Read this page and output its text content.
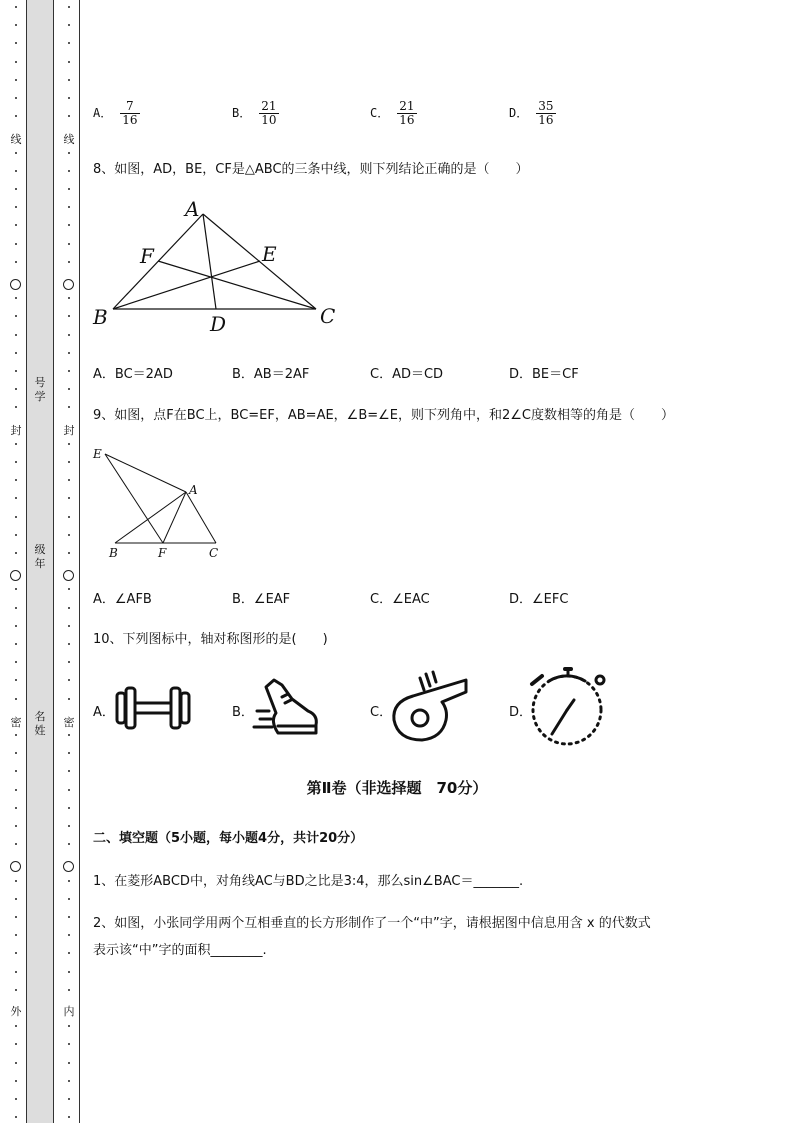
线
封
密
外
线
封
密
内
号学
级年
名姓
A． $\frac{7}{16}$	B． $\frac{21}{10}$	C． $\frac{21}{16}$	D． $\frac{35}{16}$
8、如图，AD，BE，CF是△ABC的三条中线，则下列结论正确的是（　　）
A
B	C
D
E
F
A．BC＝2AD	B．AB＝2AF	C．AD＝CD	D．BE＝CF
9、如图，点F在BC上，BC=EF，AB=AE，∠B=∠E，则下列角中，和2∠C度数相等的角是（　　）
E
A
B	F	C
A．∠AFB	B．∠EAF	C．∠EAC	D．∠EFC
10、下列图标中，轴对称图形的是(　　)
A．	B．	C．	D．
第Ⅱ卷（非选择题　70分）
二、填空题（5小题，每小题4分，共计20分）
1、在菱形ABCD中，对角线AC与BD之比是3:4，那么sin∠BAC＝_______.
2、如图，小张同学用两个互相垂直的长方形制作了一个“中”字，请根据图中信息用含 x 的代数式
表示该“中”字的面积________.
